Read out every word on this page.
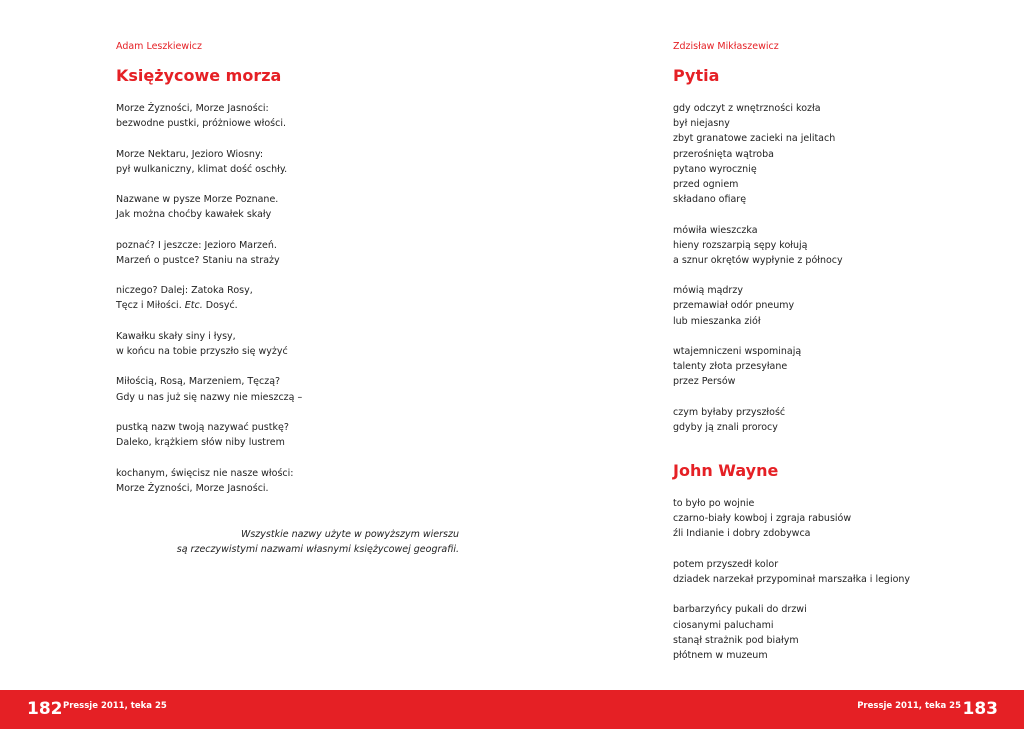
Adam Leszkiewicz
Księżycowe morza
Morze Żyzności, Morze Jasności:
bezwodne pustki, próżniowe włości.
Morze Nektaru, Jezioro Wiosny:
pył wulkaniczny, klimat dość oschły.
Nazwane w pysze Morze Poznane.
Jak można choćby kawałek skały
poznać? I jeszcze: Jezioro Marzeń.
Marzeń o pustce? Staniu na straży
niczego? Dalej: Zatoka Rosy,
Tęcz i Miłości. Etc. Dosyć.
Kawałku skały siny i łysy,
w końcu na tobie przyszło się wyżyć
Miłością, Rosą, Marzeniem, Tęczą?
Gdy u nas już się nazwy nie mieszczą –
pustką nazw twoją nazywać pustkę?
Daleko, krążkiem słów niby lustrem
kochanym, święcisz nie nasze włości:
Morze Żyzności, Morze Jasności.
Wszystkie nazwy użyte w powyższym wierszu
są rzeczywistymi nazwami własnymi księżycowej geografii.
Zdzisław Mikłaszewicz
Pytia
gdy odczyt z wnętrzności kozła
był niejasny
zbyt granatowe zacieki na jelitach
przerośnięta wątroba
pytano wyrocznię
przed ogniem
składano ofiarę
mówiła wieszczka
hieny rozszarpią sępy kołują
a sznur okrętów wypłynie z północy
mówią mądrzy
przemawiał odór pneumy
lub mieszanka ziół
wtajemniczeni wspominają
talenty złota przesyłane
przez Persów
czym byłaby przyszłość
gdyby ją znali prorocy
John Wayne
to było po wojnie
czarno-biały kowboj i zgraja rabusiów
źli Indianie i dobry zdobywca
potem przyszedł kolor
dziadek narzekał przypominał marszałka i legiony
barbarzyńcy pukali do drzwi
ciosanymi paluchami
stanął strażnik pod białym
płótnem w muzeum
182 Pressje 2011, teka 25	Pressje 2011, teka 25 183
